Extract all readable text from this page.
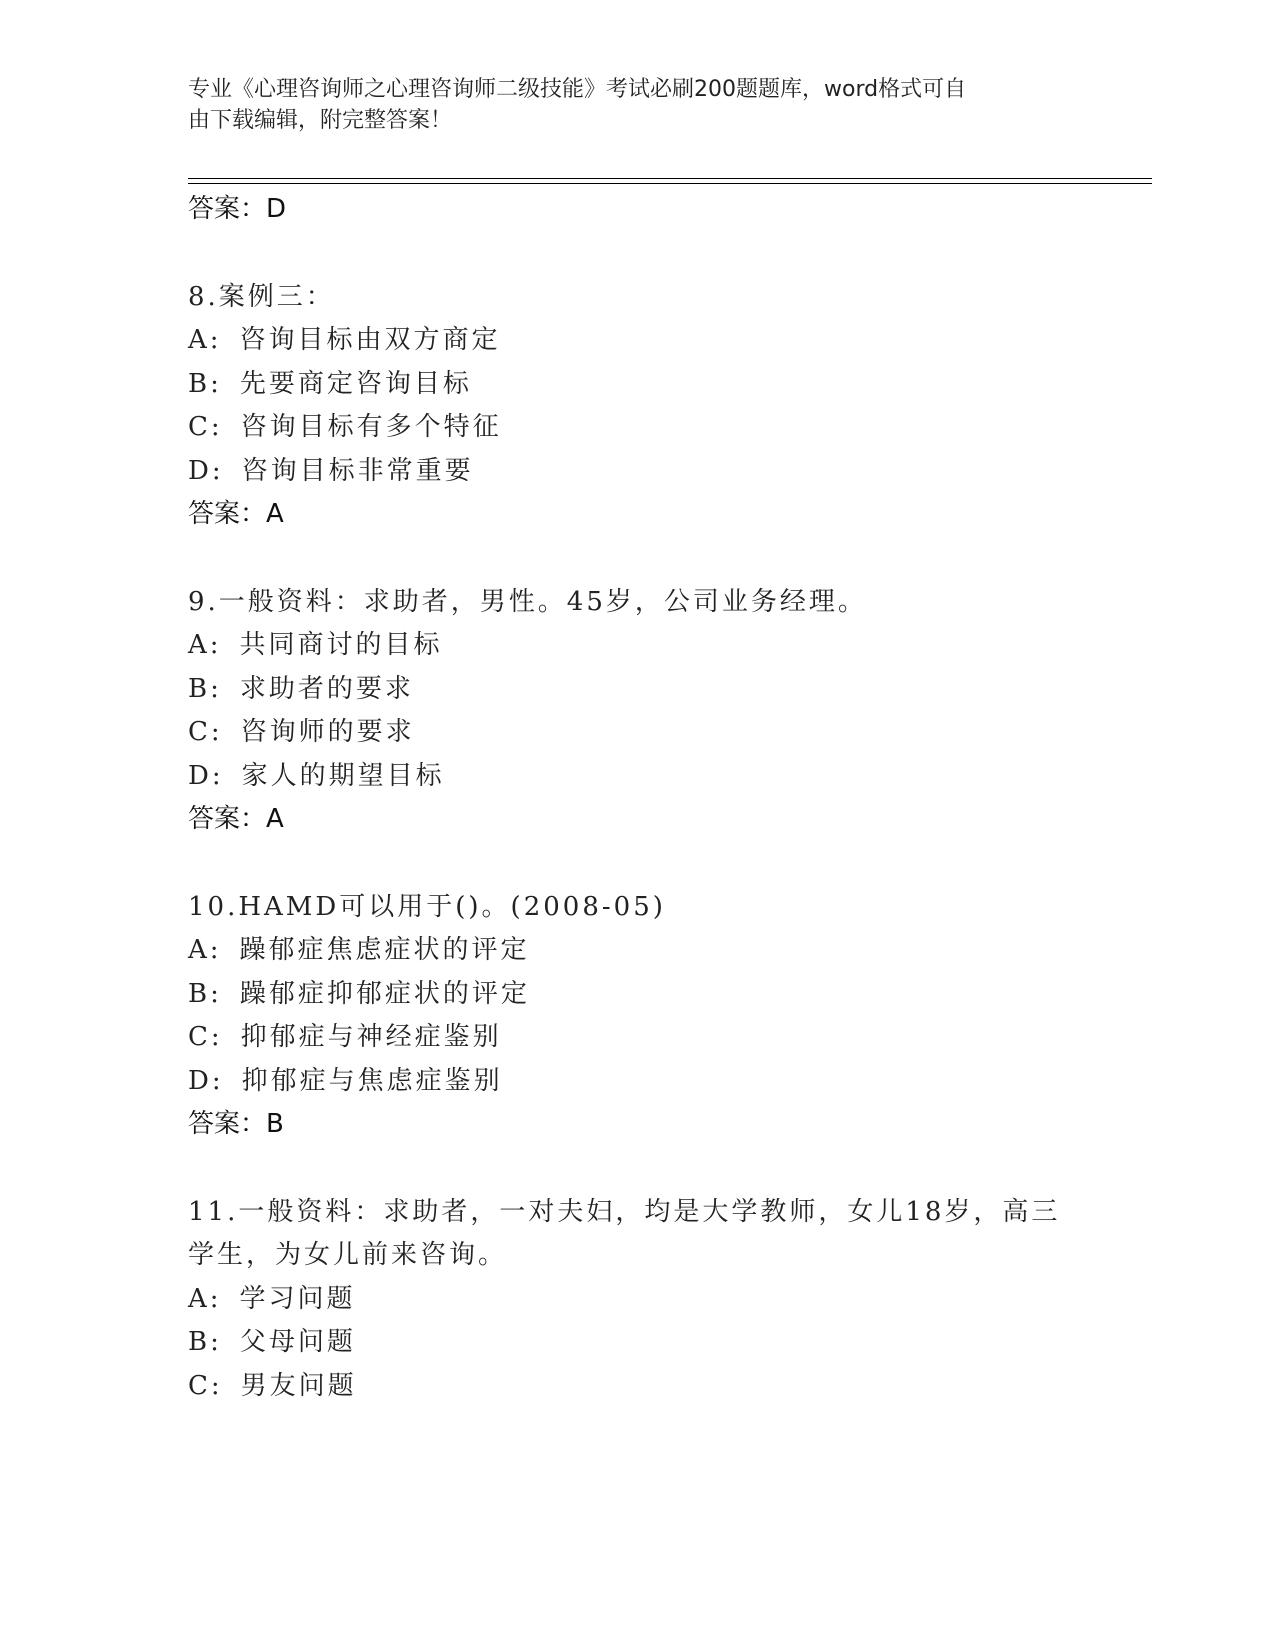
专业《心理咨询师之心理咨询师二级技能》考试必刷200题题库，word格式可自
由下载编辑，附完整答案！
答案：D
8.案例三：
A: 咨询目标由双方商定
B: 先要商定咨询目标
C: 咨询目标有多个特征
D: 咨询目标非常重要
答案：A
9.一般资料：求助者，男性。45岁，公司业务经理。
A: 共同商讨的目标
B: 求助者的要求
C: 咨询师的要求
D: 家人的期望目标
答案：A
10.HAMD可以用于()。(2008-05)
A: 躁郁症焦虑症状的评定
B: 躁郁症抑郁症状的评定
C: 抑郁症与神经症鉴别
D: 抑郁症与焦虑症鉴别
答案：B
11.一般资料：求助者，一对夫妇，均是大学教师，女儿18岁，高三
学生，为女儿前来咨询。
A: 学习问题
B: 父母问题
C: 男友问题
